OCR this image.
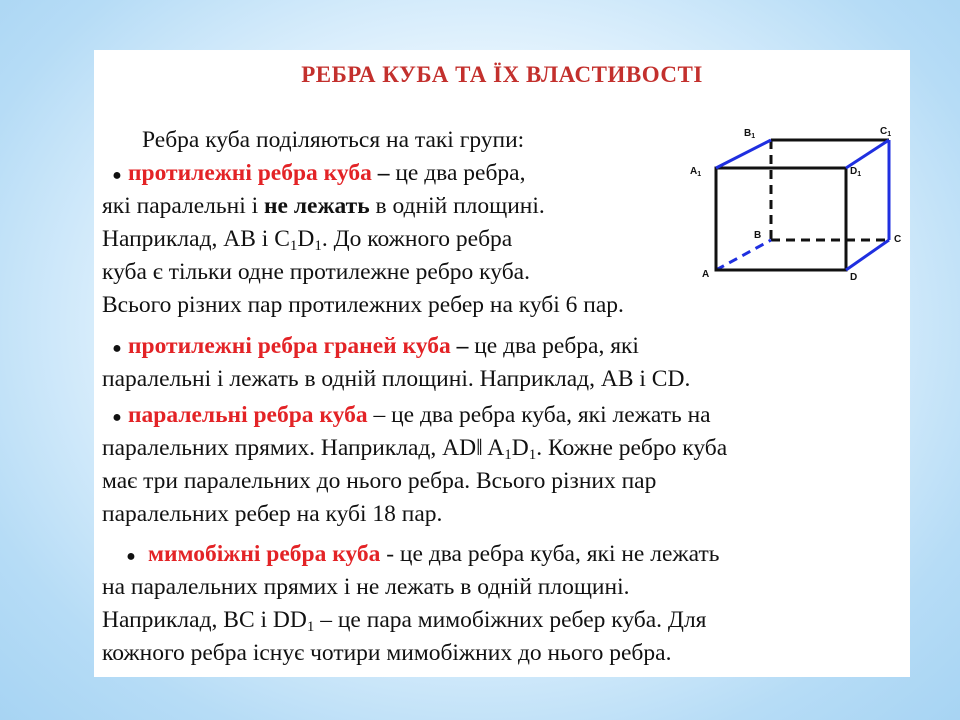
РЕБРА КУБА ТА ЇХ ВЛАСТИВОСТІ
Ребра куба поділяються на такі групи:
● протилежні ребра куба – це два ребра,
які паралельні і не лежать в одній площині.
Наприклад, АВ і $С_1D_1$. До кожного ребра
куба є тільки одне протилежне ребро куба.
Всього різних пар протилежних ребер на кубі 6 пар.
● протилежні ребра граней куба – це два ребра, які
паралельні і лежать в одній площині. Наприклад, АВ і CD.
● паралельні ребра куба – це два ребра куба, які лежать на
паралельних прямих. Наприклад, AD‖ $A_1D_1$. Кожне ребро куба
має три паралельних до нього ребра. Всього різних пар
паралельних ребер на кубі 18 пар.
● мимобіжні ребра куба - це два ребра куба, які не лежать
на паралельних прямих і не лежать в одній площині.
Наприклад, ВС і $DD_1$ – це пара мимобіжних ребер куба. Для
кожного ребра існує чотири мимобіжних до нього ребра.
$B_1$	$C_1$
$A_1$	$D_1$
B	C
A	D
